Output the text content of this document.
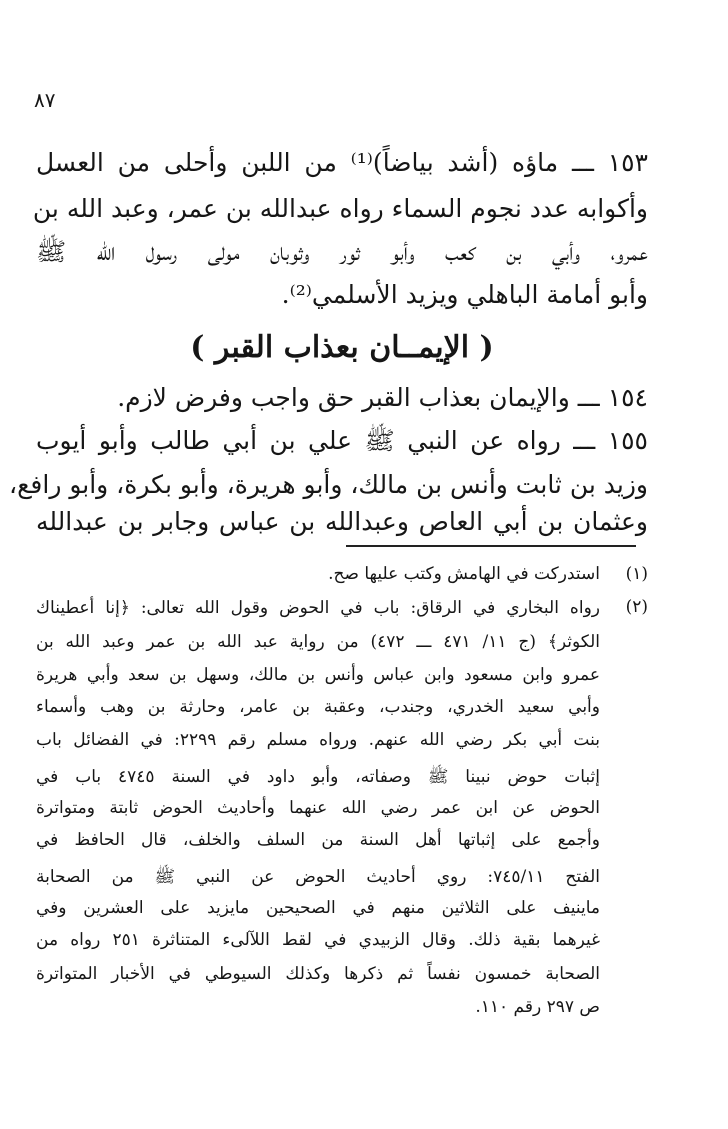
٨٧
١٥٣ ـــ ماؤه (أشد بياضاً)⁽¹⁾ من اللبن وأحلى من العسل
وأكوابه عدد نجوم السماء رواه عبدالله بن عمر، وعبد الله بن
عمرو، وأبي بن كعب وأبو ثور وثوبان مولى رسول الله ﷺ
وأبو أمامة الباهلي ويزيد الأسلمي⁽²⁾.
( الإيمــان بعذاب القبر )
١٥٤ ـــ والإيمان بعذاب القبر حق واجب وفرض لازم.
١٥٥ ـــ رواه عن النبي ﷺ علي بن أبي طالب وأبو أيوب
وزيد بن ثابت وأنس بن مالك، وأبو هريرة، وأبو بكرة، وأبو رافع،
وعثمان بن أبي العاص وعبدالله بن عباس وجابر بن عبدالله
(١)
استدركت في الهامش وكتب عليها صح.
(٢)
رواه البخاري في الرقاق: باب في الحوض وقول الله تعالى: ﴿إنا أعطيناك
الكوثر﴾ (ج ١١/ ٤٧١ ـــ ٤٧٢) من رواية عبد الله بن عمر وعبد الله بن
عمرو وابن مسعود وابن عباس وأنس بن مالك، وسهل بن سعد وأبي هريرة
وأبي سعيد الخدري، وجندب، وعقبة بن عامر، وحارثة بن وهب وأسماء
بنت أبي بكر رضي الله عنهم. ورواه مسلم رقم ٢٢٩٩: في الفضائل باب
إثبات حوض نبينا ﷺ وصفاته، وأبو داود في السنة ٤٧٤٥ باب في
الحوض عن ابن عمر رضي الله عنهما وأحاديث الحوض ثابتة ومتواترة
وأجمع على إثباتها أهل السنة من السلف والخلف، قال الحافظ في
الفتح ٧٤٥/١١: روي أحاديث الحوض عن النبي ﷺ من الصحابة
ماينيف على الثلاثين منهم في الصحيحين مايزيد على العشرين وفي
غيرهما بقية ذلك. وقال الزبيدي في لقط اللآلىء المتناثرة ٢٥١ رواه من
الصحابة خمسون نفساً ثم ذكرها وكذلك السيوطي في الأخبار المتواترة
ص ٢٩٧ رقم ١١٠.
